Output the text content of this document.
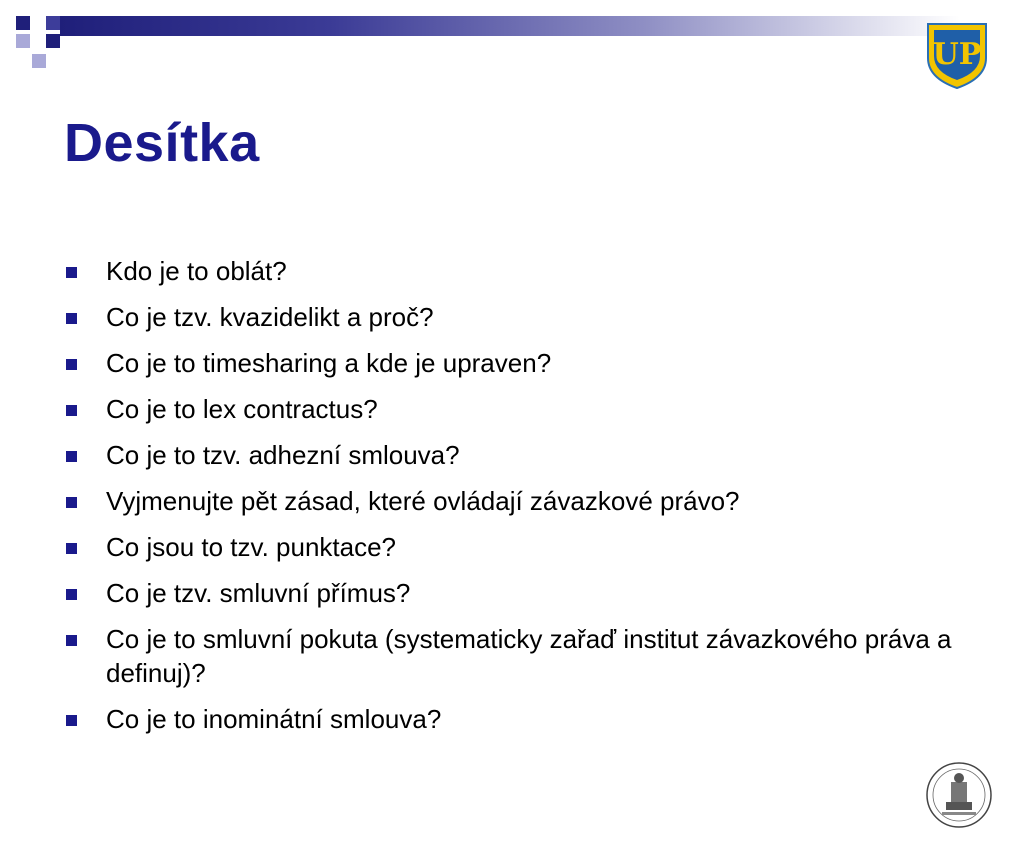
UP
Desítka
Kdo je to oblát?
Co je tzv. kvazidelikt a proč?
Co je to timesharing a kde je upraven?
Co je to lex contractus?
Co je to tzv. adhezní smlouva?
Vyjmenujte pět zásad, které ovládají závazkové právo?
Co jsou to tzv. punktace?
Co je tzv. smluvní přímus?
Co je to smluvní pokuta (systematicky zařaď institut závazkového práva a definuj)?
Co je to inominátní smlouva?
